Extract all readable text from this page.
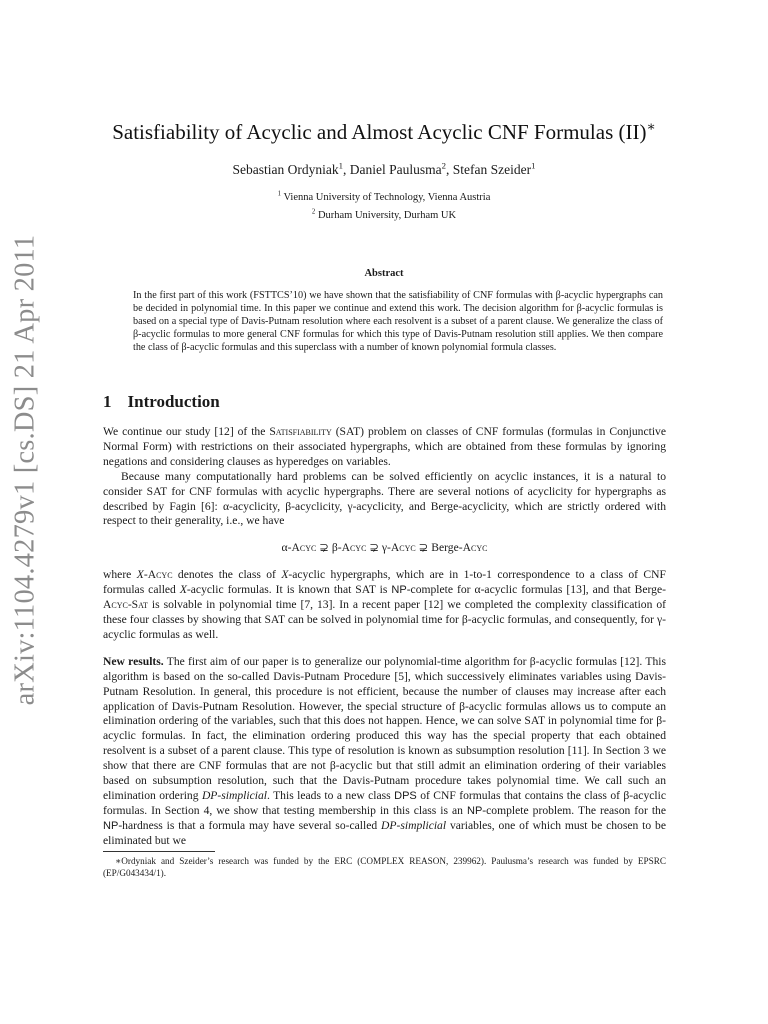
arXiv:1104.4279v1 [cs.DS] 21 Apr 2011
Satisfiability of Acyclic and Almost Acyclic CNF Formulas (II)∗
Sebastian Ordyniak$^1$, Daniel Paulusma$^2$, Stefan Szeider$^1$
$^1$ Vienna University of Technology, Vienna Austria
$^2$ Durham University, Durham UK
Abstract

In the first part of this work (FSTTCS’10) we have shown that the satisfiability of CNF formulas with β-acyclic hypergraphs can be decided in polynomial time. In this paper we continue and extend this work. The decision algorithm for β-acyclic formulas is based on a special type of Davis-Putnam resolution where each resolvent is a subset of a parent clause. We generalize the class of β-acyclic formulas to more general CNF formulas for which this type of Davis-Putnam resolution still applies. We then compare the class of β-acyclic formulas and this superclass with a number of known polynomial formula classes.

1 Introduction

We continue our study [12] of the Satisfiability (SAT) problem on classes of CNF formulas (formulas in Conjunctive Normal Form) with restrictions on their associated hypergraphs, which are obtained from these formulas by ignoring negations and considering clauses as hyperedges on variables.

Because many computationally hard problems can be solved efficiently on acyclic instances, it is a natural to consider SAT for CNF formulas with acyclic hypergraphs. There are several notions of acyclicity for hypergraphs as described by Fagin [6]: α-acyclicity, β-acyclicity, γ-acyclicity, and Berge-acyclicity, which are strictly ordered with respect to their generality, i.e., we have

α-Acyc ⊋ β-Acyc ⊋ γ-Acyc ⊋ Berge-Acyc

where X-Acyc denotes the class of X-acyclic hypergraphs, which are in 1-to-1 correspondence to a class of CNF formulas called X-acyclic formulas. It is known that SAT is NP-complete for α-acyclic formulas [13], and that Berge-Acyc-Sat is solvable in polynomial time [7, 13]. In a recent paper [12] we completed the complexity classification of these four classes by showing that SAT can be solved in polynomial time for β-acyclic formulas, and consequently, for γ-acyclic formulas as well.

New results. The first aim of our paper is to generalize our polynomial-time algorithm for β-acyclic formulas [12]. This algorithm is based on the so-called Davis-Putnam Procedure [5], which successively eliminates variables using Davis-Putnam Resolution. In general, this procedure is not efficient, because the number of clauses may increase after each application of Davis-Putnam Resolution. However, the special structure of β-acyclic formulas allows us to compute an elimination ordering of the variables, such that this does not happen. Hence, we can solve SAT in polynomial time for β-acyclic formulas. In fact, the elimination ordering produced this way has the special property that each obtained resolvent is a subset of a parent clause. This type of resolution is known as subsumption resolution [11]. In Section 3 we show that there are CNF formulas that are not β-acyclic but that still admit an elimination ordering of their variables based on subsumption resolution, such that the Davis-Putnam procedure takes polynomial time. We call such an elimination ordering DP-simplicial. This leads to a new class DPS of CNF formulas that contains the class of β-acyclic formulas. In Section 4, we show that testing membership in this class is an NP-complete problem. The reason for the NP-hardness is that a formula may have several so-called DP-simplicial variables, one of which must be chosen to be eliminated but we

∗Ordyniak and Szeider’s research was funded by the ERC (COMPLEX REASON, 239962). Paulusma’s research was funded by EPSRC (EP/G043434/1).
